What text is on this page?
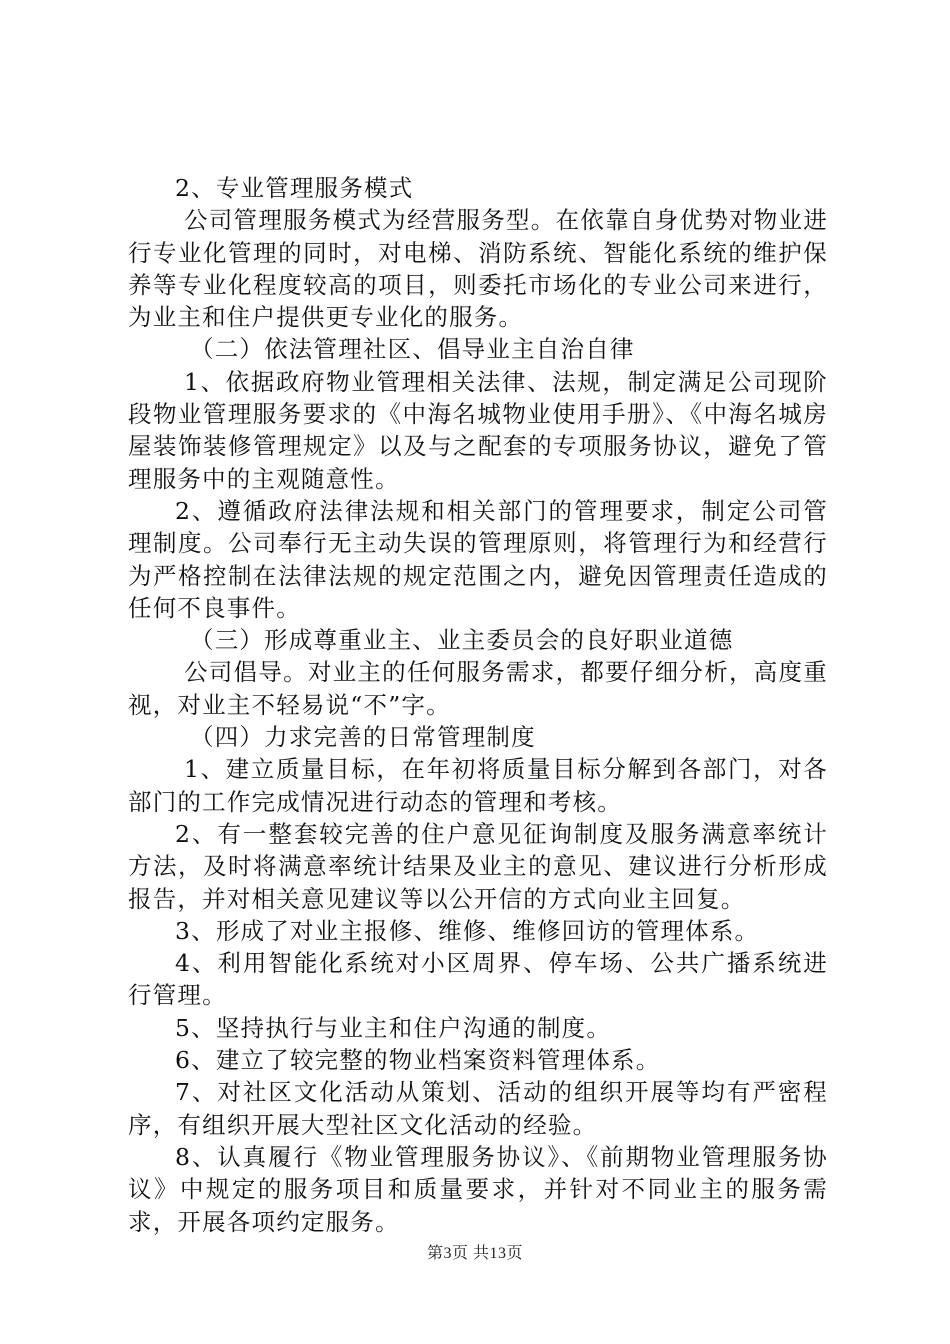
2、专业管理服务模式

公司管理服务模式为经营服务型。在依靠自身优势对物业进行专业化管理的同时，对电梯、消防系统、智能化系统的维护保养等专业化程度较高的项目，则委托市场化的专业公司来进行，为业主和住户提供更专业化的服务。

（二）依法管理社区、倡导业主自治自律

1、依据政府物业管理相关法律、法规，制定满足公司现阶段物业管理服务要求的《中海名城物业使用手册》、《中海名城房屋装饰装修管理规定》以及与之配套的专项服务协议，避免了管理服务中的主观随意性。

2、遵循政府法律法规和相关部门的管理要求，制定公司管理制度。公司奉行无主动失误的管理原则，将管理行为和经营行为严格控制在法律法规的规定范围之内，避免因管理责任造成的任何不良事件。

（三）形成尊重业主、业主委员会的良好职业道德

公司倡导。对业主的任何服务需求，都要仔细分析，高度重视，对业主不轻易说“不”字。

（四）力求完善的日常管理制度

1、建立质量目标，在年初将质量目标分解到各部门，对各部门的工作完成情况进行动态的管理和考核。

2、有一整套较完善的住户意见征询制度及服务满意率统计方法，及时将满意率统计结果及业主的意见、建议进行分析形成报告，并对相关意见建议等以公开信的方式向业主回复。

3、形成了对业主报修、维修、维修回访的管理体系。

4、利用智能化系统对小区周界、停车场、公共广播系统进行管理。

5、坚持执行与业主和住户沟通的制度。

6、建立了较完整的物业档案资料管理体系。

7、对社区文化活动从策划、活动的组织开展等均有严密程序，有组织开展大型社区文化活动的经验。

8、认真履行《物业管理服务协议》、《前期物业管理服务协议》中规定的服务项目和质量要求，并针对不同业主的服务需求，开展各项约定服务。

第3页 共13页
